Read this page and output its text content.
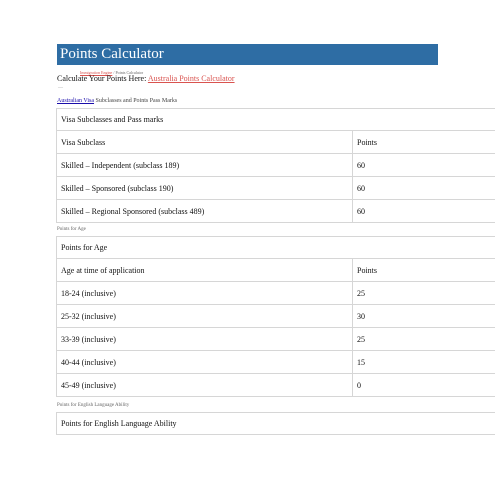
Points Calculator
Immigration Engine / Points Calculator
Calculate Your Points Here: Australia Points Calculator
—
Australian Visa Subclasses and Points Pass Marks
Visa Subclasses and Pass marks	
Visa Subclass	Points
Skilled – Independent (subclass 189)	60
Skilled – Sponsored (subclass 190)	60
Skilled – Regional Sponsored (subclass 489)	60
Points for Age
Points for Age	
Age at time of application	Points
18-24 (inclusive)	25
25-32 (inclusive)	30
33-39 (inclusive)	25
40-44 (inclusive)	15
45-49 (inclusive)	0
Points for English Language Ability
Points for English Language Ability
